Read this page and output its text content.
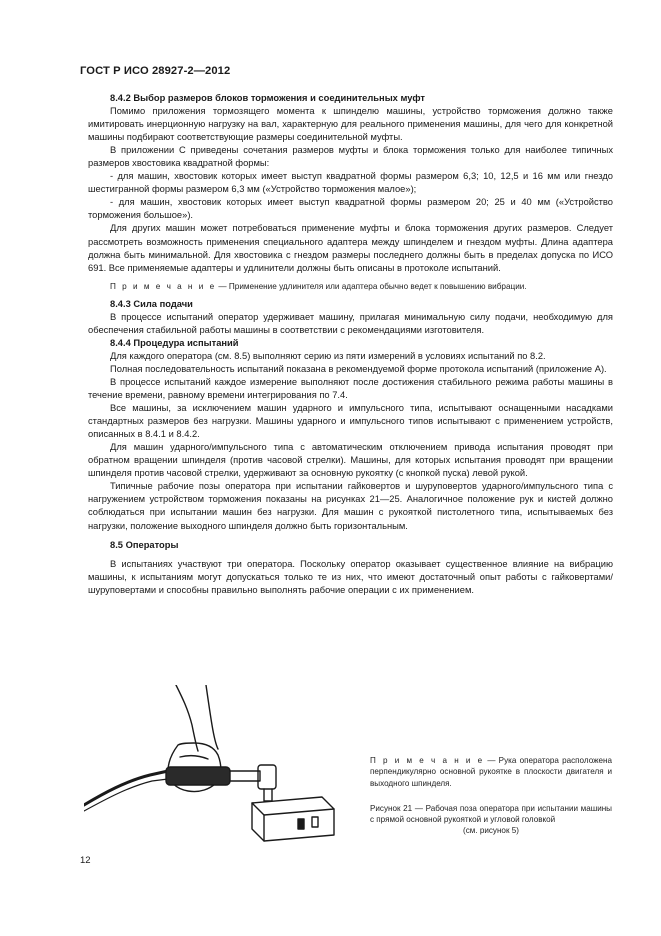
ГОСТ Р ИСО 28927-2—2012

8.4.2 Выбор размеров блоков торможения и соединительных муфт

Помимо приложения тормозящего момента к шпинделю машины, устройство торможения должно также имитировать инерционную нагрузку на вал, характерную для реального применения машины, для чего для конкретной машины подбирают соответствующие размеры соединительной муфты.

В приложении С приведены сочетания размеров муфты и блока торможения только для наиболее типичных размеров хвостовика квадратной формы:

- для машин, хвостовик которых имеет выступ квадратной формы размером 6,3; 10, 12,5 и 16 мм или гнездо шестигранной формы размером 6,3 мм («Устройство торможения малое»);

- для машин, хвостовик которых имеет выступ квадратной формы размером 20; 25 и 40 мм («Устройство торможения большое»).

Для других машин может потребоваться применение муфты и блока торможения других размеров. Следует рассмотреть возможность применения специального адаптера между шпинделем и гнездом муфты. Длина адаптера должна быть минимальной. Для хвостовика с гнездом размеры последнего должны быть в пределах допуска по ИСО 691. Все применяемые адаптеры и удлинители должны быть описаны в протоколе испытаний.

П р и м е ч а н и е — Применение удлинителя или адаптера обычно ведет к повышению вибрации.

8.4.3 Сила подачи

В процессе испытаний оператор удерживает машину, прилагая минимальную силу подачи, необходимую для обеспечения стабильной работы машины в соответствии с рекомендациями изготовителя.

8.4.4 Процедура испытаний

Для каждого оператора (см. 8.5) выполняют серию из пяти измерений в условиях испытаний по 8.2.

Полная последовательность испытаний показана в рекомендуемой форме протокола испытаний (приложение А).

В процессе испытаний каждое измерение выполняют после достижения стабильного режима работы машины в течение времени, равному времени интегрирования по 7.4.

Все машины, за исключением машин ударного и импульсного типа, испытывают оснащенными насадками стандартных размеров без нагрузки. Машины ударного и импульсного типов испытывают с применением устройств, описанных в 8.4.1 и 8.4.2.

Для машин ударного/импульсного типа с автоматическим отключением привода испытания проводят при обратном вращении шпинделя (против часовой стрелки). Машины, для которых испытания проводят при вращении шпинделя против часовой стрелки, удерживают за основную рукоятку (с кнопкой пуска) левой рукой.

Типичные рабочие позы оператора при испытании гайковертов и шуруповертов ударного/импульсного типа с нагружением устройством торможения показаны на рисунках 21—25. Аналогичное положение рук и кистей должно соблюдаться при испытании машин без нагрузки. Для машин с рукояткой пистолетного типа, испытываемых без нагрузки, положение выходного шпинделя должно быть горизонтальным.

8.5 Операторы

В испытаниях участвуют три оператора. Поскольку оператор оказывает существенное влияние на вибрацию машины, к испытаниям могут допускаться только те из них, что имеют достаточный опыт работы с гайковертами/шуруповертами и способны правильно выполнять рабочие операции с их применением.

П р и м е ч а н и е — Рука оператора расположена перпендикулярно основной рукоятке в плоскости двигателя и выходного шпинделя.

Рисунок 21 — Рабочая поза оператора при испытании машины с прямой основной рукояткой и угловой головкой

(см. рисунок 5)

12
